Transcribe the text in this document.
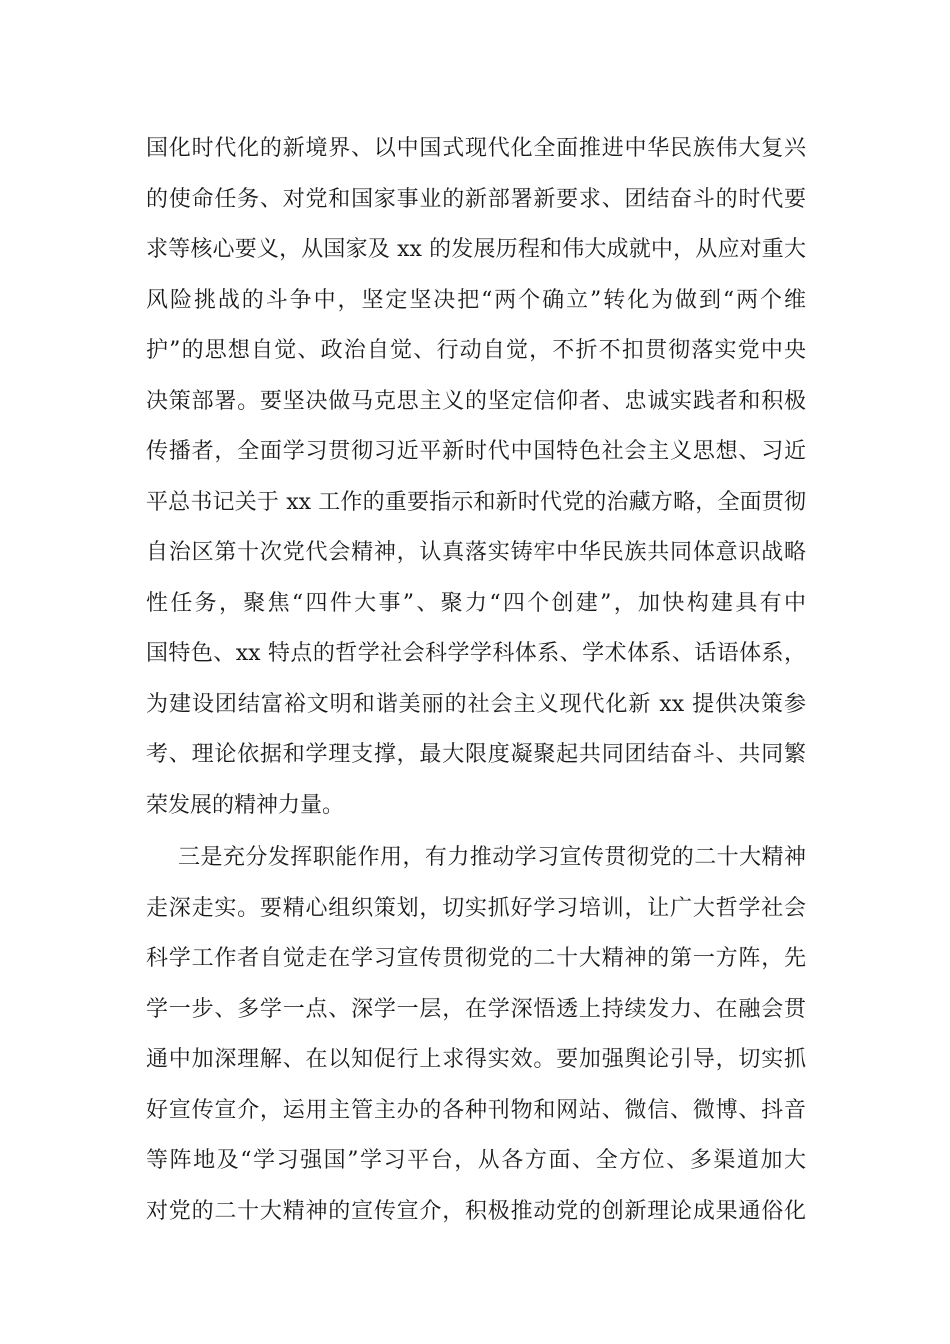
国化时代化的新境界、以中国式现代化全面推进中华民族伟大复兴
的使命任务、对党和国家事业的新部署新要求、团结奋斗的时代要
求等核心要义，从国家及 xx 的发展历程和伟大成就中，从应对重大
风险挑战的斗争中，坚定坚决把“两个确立”转化为做到“两个维
护”的思想自觉、政治自觉、行动自觉，不折不扣贯彻落实党中央
决策部署。要坚决做马克思主义的坚定信仰者、忠诚实践者和积极
传播者，全面学习贯彻习近平新时代中国特色社会主义思想、习近
平总书记关于 xx 工作的重要指示和新时代党的治藏方略，全面贯彻
自治区第十次党代会精神，认真落实铸牢中华民族共同体意识战略
性任务，聚焦“四件大事”、聚力“四个创建”，加快构建具有中
国特色、xx 特点的哲学社会科学学科体系、学术体系、话语体系，
为建设团结富裕文明和谐美丽的社会主义现代化新 xx 提供决策参
考、理论依据和学理支撑，最大限度凝聚起共同团结奋斗、共同繁
荣发展的精神力量。
三是充分发挥职能作用，有力推动学习宣传贯彻党的二十大精神
走深走实。要精心组织策划，切实抓好学习培训，让广大哲学社会
科学工作者自觉走在学习宣传贯彻党的二十大精神的第一方阵，先
学一步、多学一点、深学一层，在学深悟透上持续发力、在融会贯
通中加深理解、在以知促行上求得实效。要加强舆论引导，切实抓
好宣传宣介，运用主管主办的各种刊物和网站、微信、微博、抖音
等阵地及“学习强国”学习平台，从各方面、全方位、多渠道加大
对党的二十大精神的宣传宣介，积极推动党的创新理论成果通俗化
